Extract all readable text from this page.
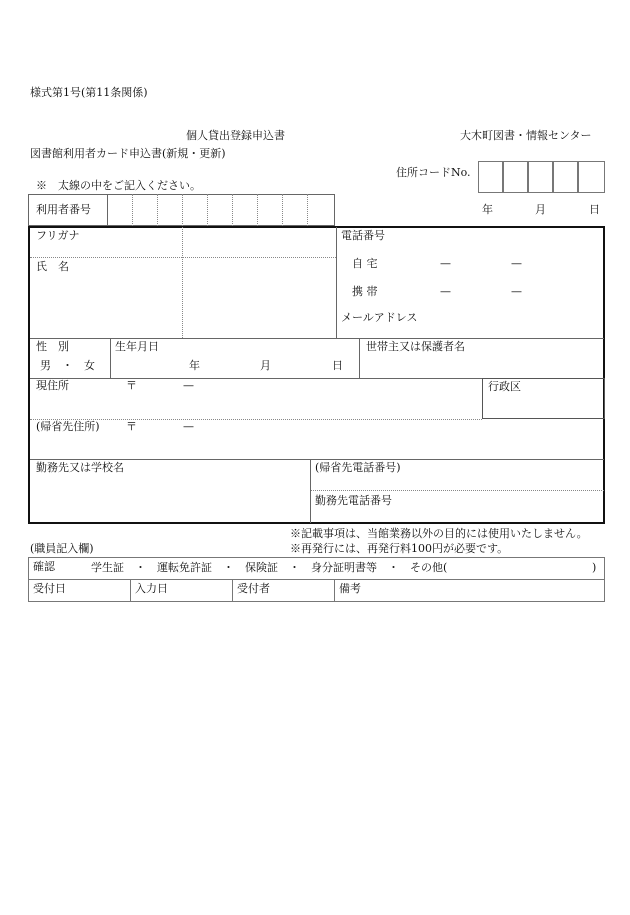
様式第1号(第11条関係)
個人貸出登録申込書	大木町図書・情報センター
図書館利用者カード申込書(新規・更新)
住所コードNo.
※　太線の中をご記入ください。
利用者番号	年	月	日
フリガナ
氏　名
電話番号
自 宅	—	—
携 帯	—	—
メールアドレス
性　別
男　・　女
生年月日
年	月	日
世帯主又は保護者名
現住所	〒	—	行政区
(帰省先住所) 〒	—
勤務先又は学校名	(帰省先電話番号)
勤務先電話番号
※記載事項は、当館業務以外の目的には使用いたしません。
(職員記入欄)	※再発行には、再発行料100円が必要です。
確認	学生証　・　運転免許証　・　保険証　・　身分証明書等　・　その他(	)
受付日	入力日	受付者	備考
